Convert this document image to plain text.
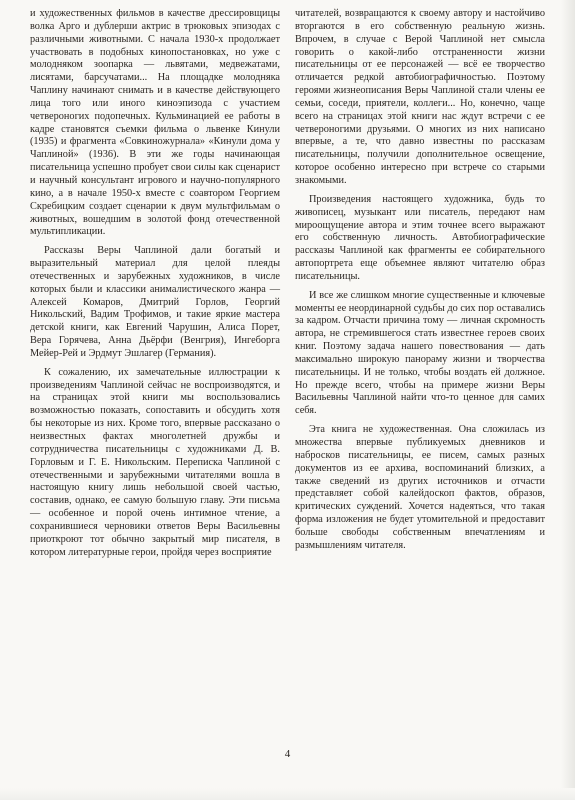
и художественных фильмов в качестве дрессировщицы волка Арго и дублерши актрис в трюковых эпизодах с различными животными. С начала 1930-х продолжает участвовать в подобных кинопостановках, но уже с молодняком зоопарка — львятами, медвежатами, лисятами, барсучатами... На площадке молодняка Чаплину начинают снимать и в качестве действующего лица того или иного киноэпизода с участием четвероногих подопечных. Кульминацией ее работы в кадре становятся съемки фильма о львенке Кинули (1935) и фрагмента «Совкинoжурнала» «Кинули дома у Чаплиной» (1936). В эти же годы начинающая писательница успешно пробует свои силы как сценарист и научный консультант игрового и научно-популярного кино, а в начале 1950-х вместе с соавтором Георгием Скребицким создает сценарии к двум мультфильмам о животных, вошедшим в золотой фонд отечественной мультипликации.

Рассказы Веры Чаплиной дали богатый и выразительный материал для целой плеяды отечественных и зарубежных художников, в числе которых были и классики анималистического жанра — Алексей Комаров, Дмитрий Горлов, Георгий Никольский, Вадим Трофимов, и такие яркие мастера детской книги, как Евгений Чарушин, Алиса Порет, Вера Горячева, Анна Дьёрфи (Венгрия), Ингеборга Мейер-Рей и Эрдмут Эшлагер (Германия).

К сожалению, их замечательные иллюстрации к произведениям Чаплиной сейчас не воспроизводятся, и на страницах этой книги мы воспользовались возможностью показать, сопоставить и обсудить хотя бы некоторые из них. Кроме того, впервые рассказано о неизвестных фактах многолетней дружбы и сотрудничества писательницы с художниками Д. В. Горловым и Г. Е. Никольским. Переписка Чаплиной с отечественными и зарубежными читателями вошла в настоящую книгу лишь небольшой своей частью, составив, однако, ее самую большую главу. Эти письма — особенное и порой очень интимное чтение, а сохранившиеся черновики ответов Веры Васильевны приоткроют тот обычно закрытый мир писателя, в котором литературные герои, пройдя через восприятие

читателей, возвращаются к своему автору и настойчиво вторгаются в его собственную реальную жизнь. Впрочем, в случае с Верой Чаплиной нет смысла говорить о какой-либо отстраненности жизни писательницы от ее персонажей — всё ее творчество отличается редкой автобиографичностью. Поэтому героями жизнеописания Веры Чаплиной стали члены ее семьи, соседи, приятели, коллеги... Но, конечно, чаще всего на страницах этой книги нас ждут встречи с ее четвероногими друзьями. О многих из них написано впервые, а те, что давно известны по рассказам писательницы, получили дополнительное освещение, которое особенно интересно при встрече со старыми знакомыми.

Произведения настоящего художника, будь то живописец, музыкант или писатель, передают нам мироощущение автора и этим точнее всего выражают его собственную личность. Автобиографические рассказы Чаплиной как фрагменты ее собирательного автопортрета еще объемнее являют читателю образ писательницы.

И все же слишком многие существенные и ключевые моменты ее неординарной судьбы до сих пор оставались за кадром. Отчасти причина тому — личная скромность автора, не стремившегося стать известнее героев своих книг. Поэтому задача нашего повествования — дать максимально широкую панораму жизни и творчества писательницы. И не только, чтобы воздать ей должное. Но прежде всего, чтобы на примере жизни Веры Васильевны Чаплиной найти что-то ценное для самих себя.

Эта книга не художественная. Она сложилась из множества впервые публикуемых дневников и набросков писательницы, ее писем, самых разных документов из ее архива, воспоминаний близких, а также сведений из других источников и отчасти представляет собой калейдоскоп фактов, образов, критических суждений. Хочется надеяться, что такая форма изложения не будет утомительной и предоставит больше свободы собственным впечатлениям и размышлениям читателя.

4
